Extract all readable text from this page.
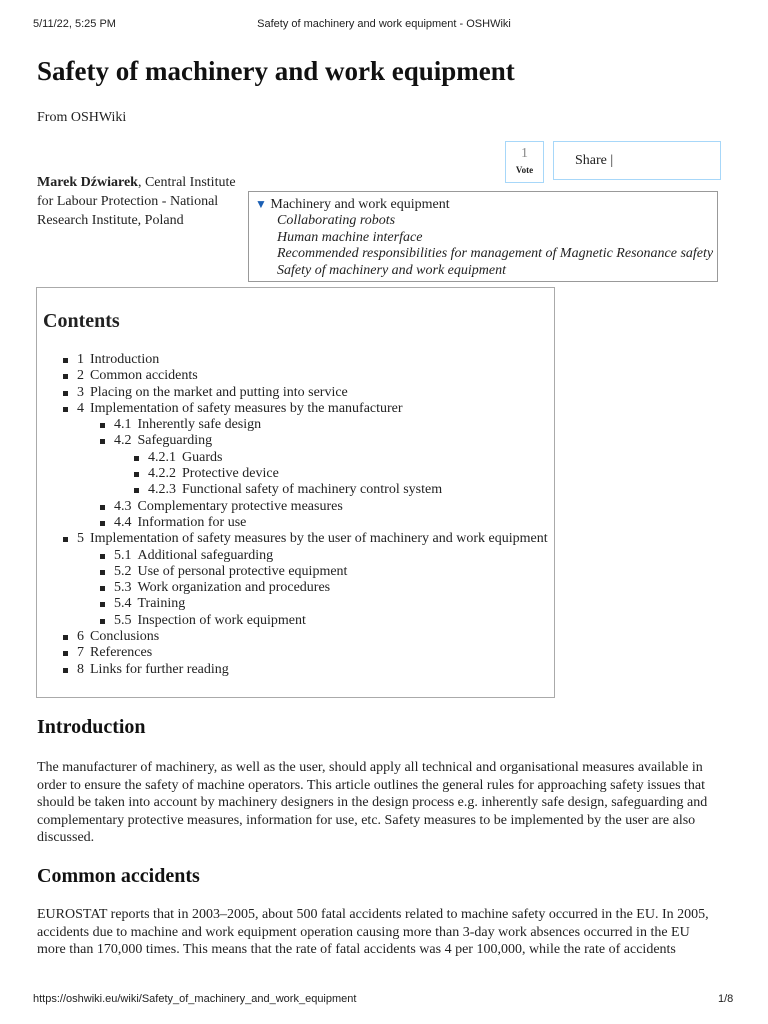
5/11/22, 5:25 PM	Safety of machinery and work equipment - OSHWiki
Safety of machinery and work equipment
From OSHWiki
1
Vote
Share |
Marek Dźwiarek, Central Institute for Labour Protection - National Research Institute, Poland
▼ Machinery and work equipment
Collaborating robots
Human machine interface
Recommended responsibilities for management of Magnetic Resonance safety
Safety of machinery and work equipment
Contents
1 Introduction
2 Common accidents
3 Placing on the market and putting into service
4 Implementation of safety measures by the manufacturer
4.1 Inherently safe design
4.2 Safeguarding
4.2.1 Guards
4.2.2 Protective device
4.2.3 Functional safety of machinery control system
4.3 Complementary protective measures
4.4 Information for use
5 Implementation of safety measures by the user of machinery and work equipment
5.1 Additional safeguarding
5.2 Use of personal protective equipment
5.3 Work organization and procedures
5.4 Training
5.5 Inspection of work equipment
6 Conclusions
7 References
8 Links for further reading
Introduction

The manufacturer of machinery, as well as the user, should apply all technical and organisational measures available in order to ensure the safety of machine operators. This article outlines the general rules for approaching safety issues that should be taken into account by machinery designers in the design process e.g. inherently safe design, safeguarding and complementary protective measures, information for use, etc. Safety measures to be implemented by the user are also discussed.

Common accidents

EUROSTAT reports that in 2003–2005, about 500 fatal accidents related to machine safety occurred in the EU. In 2005, accidents due to machine and work equipment operation causing more than 3-day work absences occurred in the EU more than 170,000 times. This means that the rate of fatal accidents was 4 per 100,000, while the rate of accidents

https://oshwiki.eu/wiki/Safety_of_machinery_and_work_equipment	1/8
